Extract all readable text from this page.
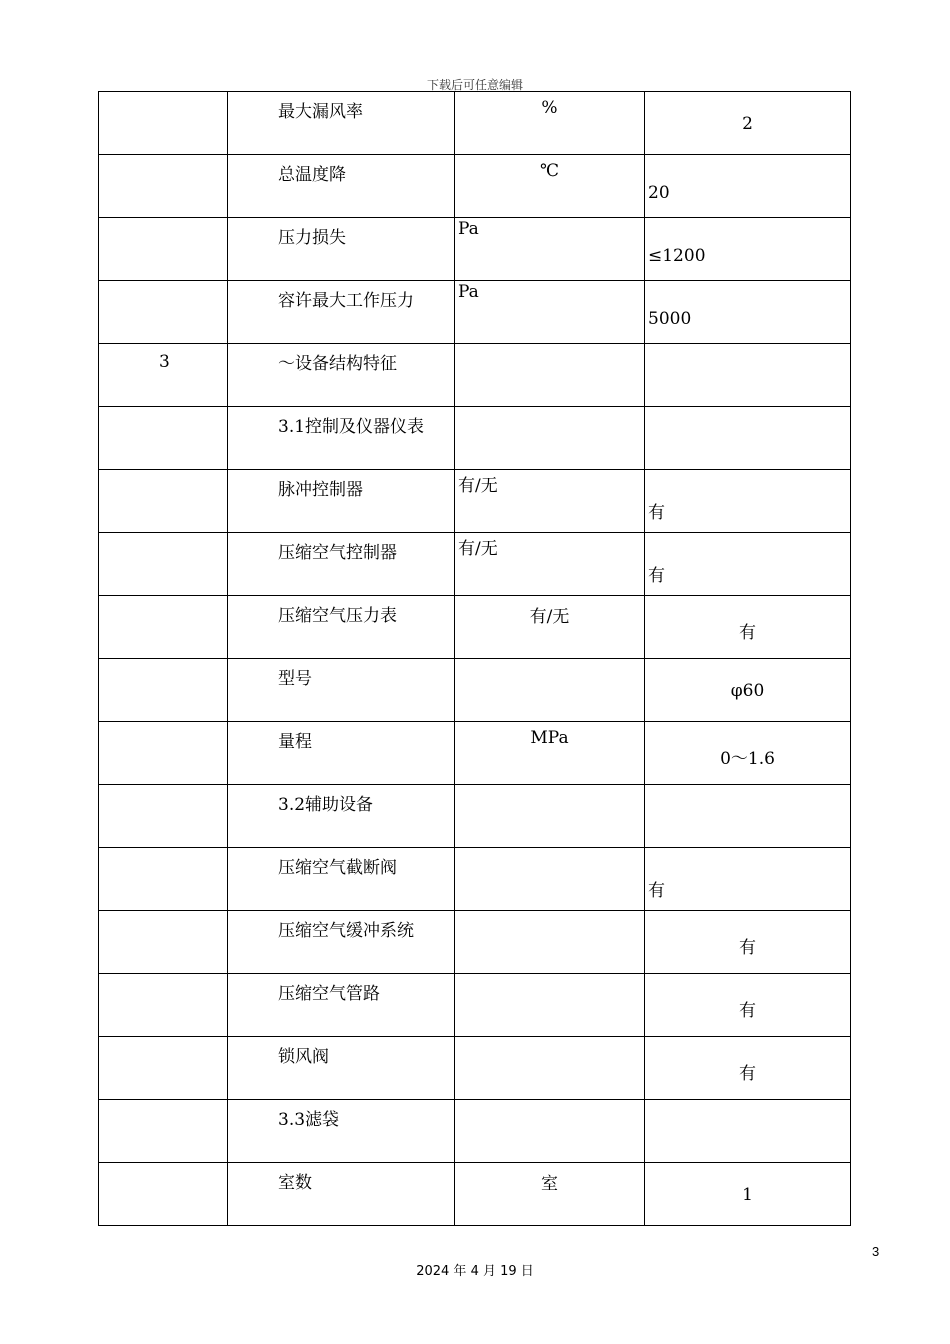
下载后可任意编辑

	最大漏风率	%	2

	总温度降	℃	20

	压力损失	Pa	≤1200

	容许最大工作压力	Pa	5000

3	～设备结构特征		

	3.1控制及仪器仪表		

	脉冲控制器	有/无	有

	压缩空气控制器	有/无	有

	压缩空气压力表	有/无	有

	型号		φ60

	量程	MPa	0～1.6

	3.2辅助设备		

	压缩空气截断阀		有

	压缩空气缓冲系统		有

	压缩空气管路		有

	锁风阀		有

	3.3滤袋		

	室数	室	1
3
2024 年 4 月 19 日
